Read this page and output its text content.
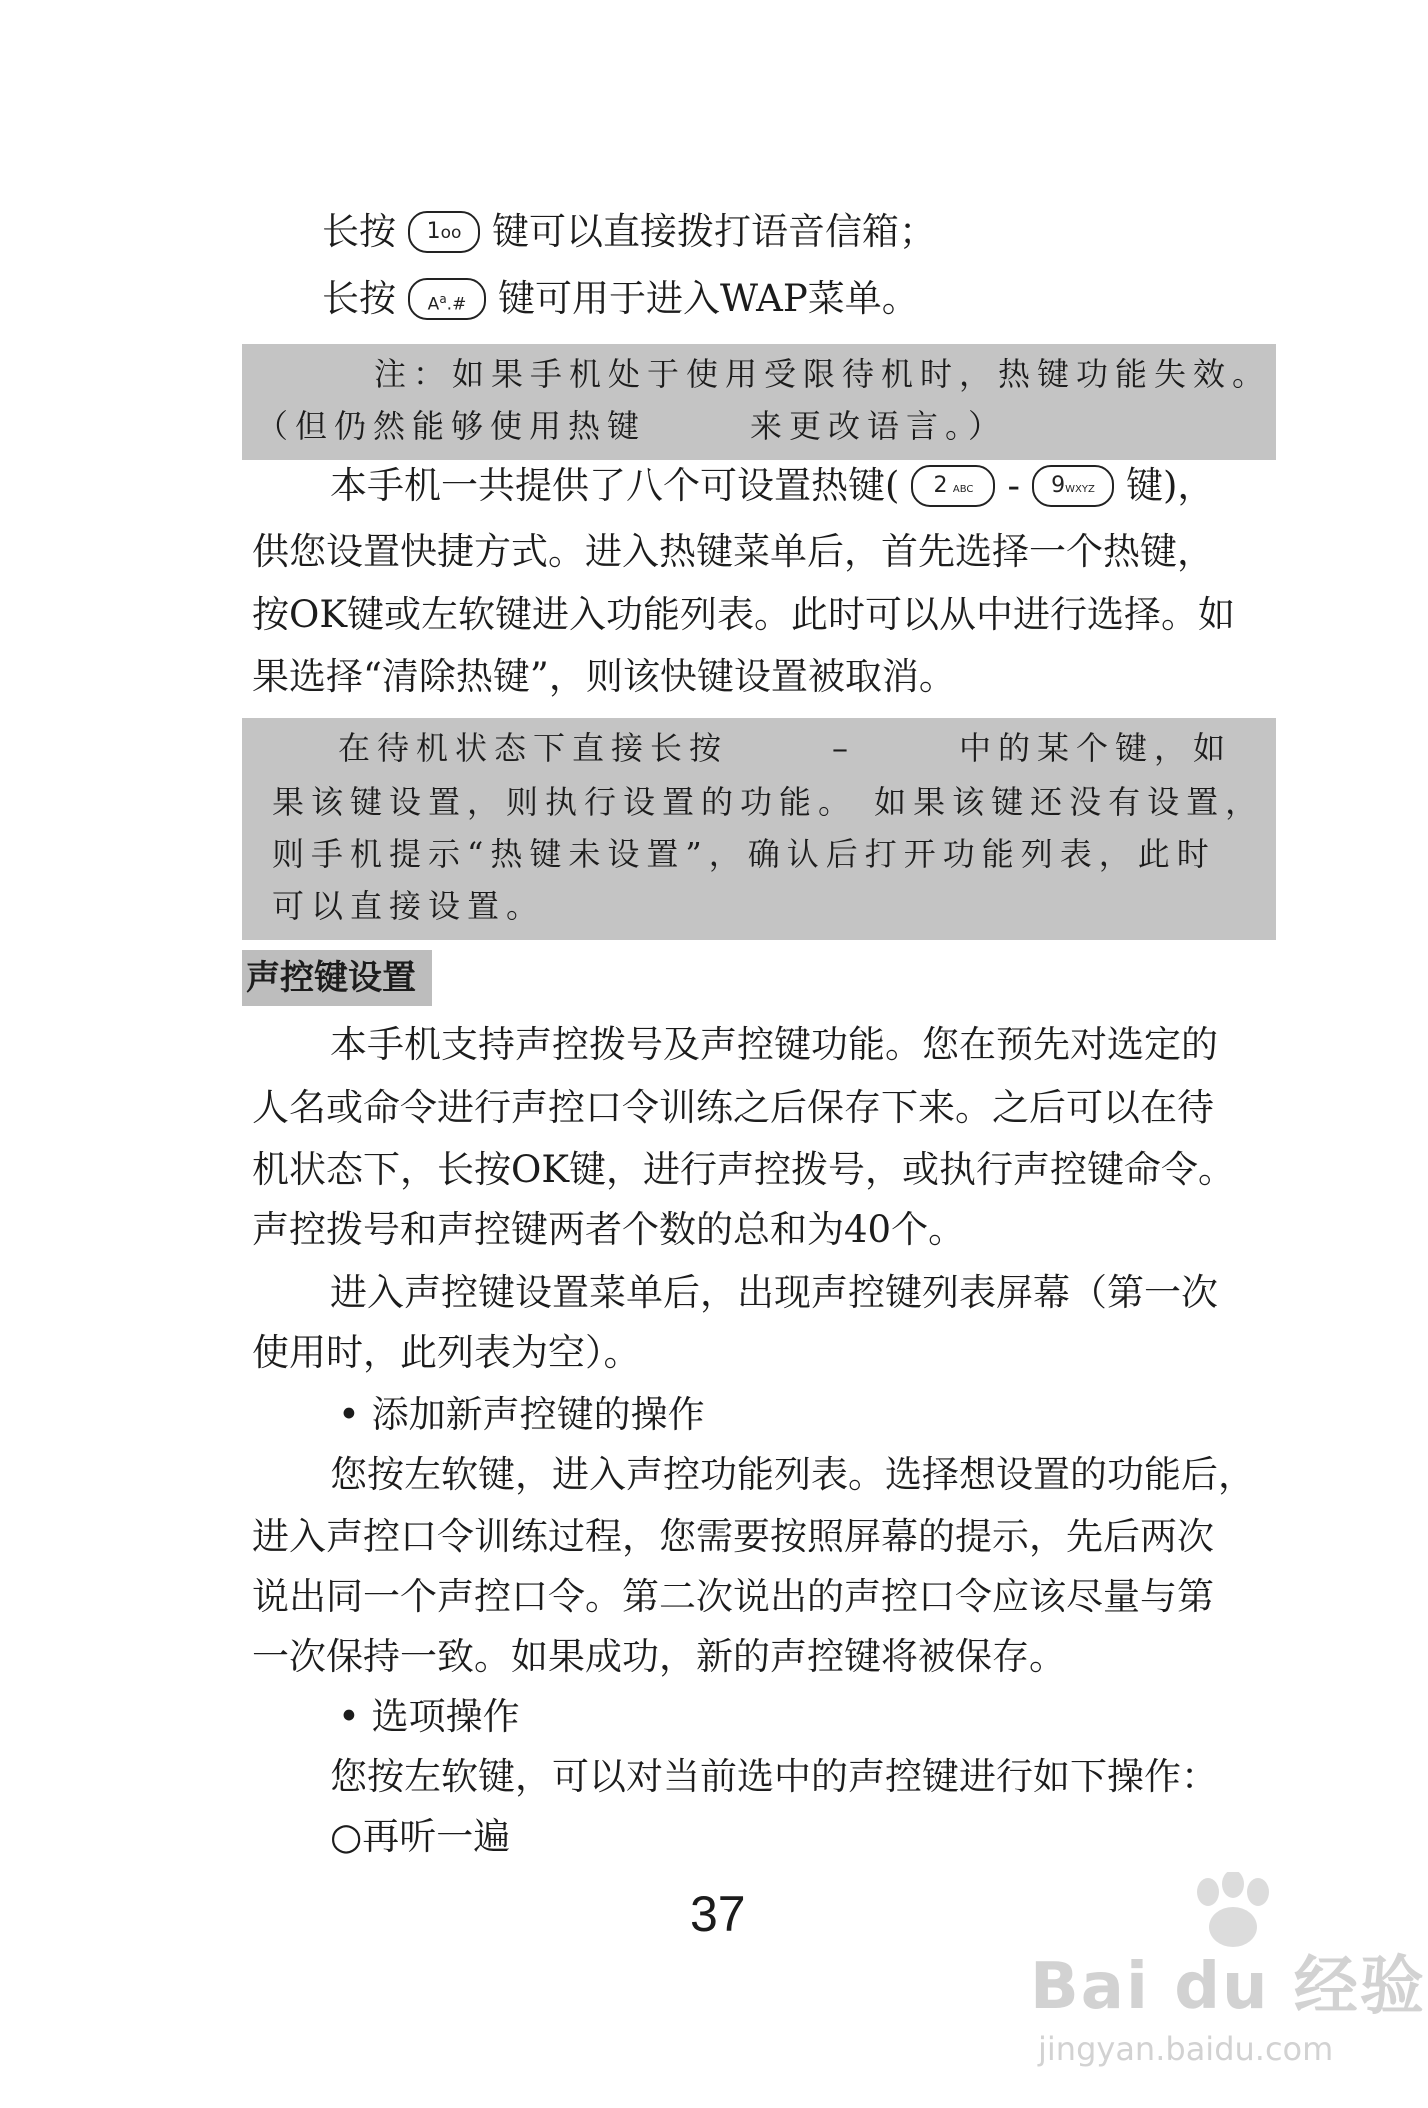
长按 1oo 键可以直接拨打语音信箱；
长按 $A^a.\#$ 键可用于进入WAP菜单。
注：如果手机处于使用受限待机时，热键功能失效。
（但仍然能够使用热键	来更改语言。）
本手机一共提供了八个可设置热键( 2 ABC - 9WXYZ 键)，
供您设置快捷方式。进入热键菜单后，首先选择一个热键，
按OK键或左软键进入功能列表。此时可以从中进行选择。如
果选择“清除热键”，则该快键设置被取消。
在待机状态下直接长按	–	中的某个键，如
果该键设置，则执行设置的功能。 如果该键还没有设置，
则手机提示“热键未设置”，确认后打开功能列表，此时
可以直接设置。
声控键设置
本手机支持声控拨号及声控键功能。您在预先对选定的
人名或命令进行声控口令训练之后保存下来。之后可以在待
机状态下，长按OK键，进行声控拨号，或执行声控键命令。
声控拨号和声控键两者个数的总和为40个。
进入声控键设置菜单后，出现声控键列表屏幕（第一次
使用时，此列表为空）。
• 添加新声控键的操作
您按左软键，进入声控功能列表。选择想设置的功能后，
进入声控口令训练过程，您需要按照屏幕的提示，先后两次
说出同一个声控口令。第二次说出的声控口令应该尽量与第
一次保持一致。如果成功，新的声控键将被保存。
• 选项操作
您按左软键，可以对当前选中的声控键进行如下操作：
○再听一遍
37
Bai du 经验
jingyan.baidu.com
